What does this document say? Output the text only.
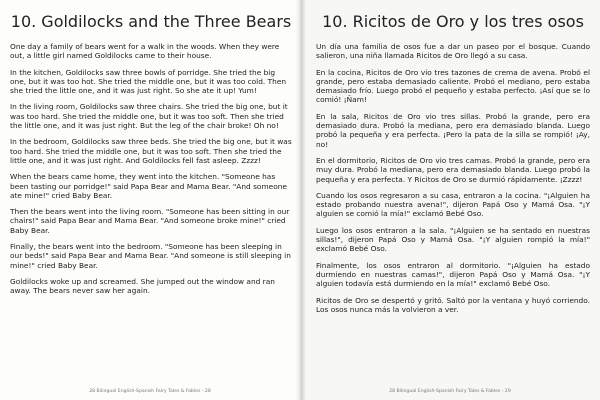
10. Goldilocks and the Three Bears

One day a family of bears went for a walk in the woods. When they were out, a little girl named Goldilocks came to their house.

In the kitchen, Goldilocks saw three bowls of porridge. She tried the big one, but it was too hot. She tried the middle one, but it was too cold. Then she tried the little one, and it was just right. So she ate it up! Yum!

In the living room, Goldilocks saw three chairs. She tried the big one, but it was too hard. She tried the middle one, but it was too soft. Then she tried the little one, and it was just right. But the leg of the chair broke! Oh no!

In the bedroom, Goldilocks saw three beds. She tried the big one, but it was too hard. She tried the middle one, but it was too soft. Then she tried the little one, and it was just right. And Goldilocks fell fast asleep. Zzzz!

When the bears came home, they went into the kitchen. "Someone has been tasting our porridge!" said Papa Bear and Mama Bear. "And someone ate mine!" cried Baby Bear.

Then the bears went into the living room. "Someone has been sitting in our chairs!" said Papa Bear and Mama Bear. "And someone broke mine!" cried Baby Bear.

Finally, the bears went into the bedroom. "Someone has been sleeping in our beds!" said Papa Bear and Mama Bear. "And someone is still sleeping in mine!" cried Baby Bear.

Goldilocks woke up and screamed. She jumped out the window and ran away. The bears never saw her again.

28 Bilingual English-Spanish Fairy Tales & Fables - 28
10. Ricitos de Oro y los tres osos

Un día una familia de osos fue a dar un paseo por el bosque. Cuando salieron, una niña llamada Ricitos de Oro llegó a su casa.

En la cocina, Ricitos de Oro vio tres tazones de crema de avena. Probó el grande, pero estaba demasiado caliente. Probó el mediano, pero estaba demasiado frío. Luego probó el pequeño y estaba perfecto. ¡Así que se lo comió! ¡Ñam!

En la sala, Ricitos de Oro vio tres sillas. Probó la grande, pero era demasiado dura. Probó la mediana, pero era demasiado blanda. Luego probó la pequeña y era perfecta. ¡Pero la pata de la silla se rompió! ¡Ay, no!

En el dormitorio, Ricitos de Oro vio tres camas. Probó la grande, pero era muy dura. Probó la mediana, pero era demasiado blanda. Luego probó la pequeña y era perfecta. Y Ricitos de Oro se durmió rápidamente. ¡Zzzz!

Cuando los osos regresaron a su casa, entraron a la cocina. "¡Alguien ha estado probando nuestra avena!", dijeron Papá Oso y Mamá Osa. "¡Y alguien se comió la mía!" exclamó Bebé Oso.

Luego los osos entraron a la sala. "¡Alguien se ha sentado en nuestras sillas!", dijeron Papá Oso y Mamá Osa. "¡Y alguien rompió la mía!" exclamó Bebé Oso.

Finalmente, los osos entraron al dormitorio. "¡Alguien ha estado durmiendo en nuestras camas!", dijeron Papá Oso y Mamá Osa. "¡Y alguien todavía está durmiendo en la mía!" exclamó Bebé Oso.

Ricitos de Oro se despertó y gritó. Saltó por la ventana y huyó corriendo. Los osos nunca más la volvieron a ver.

28 Bilingual English-Spanish Fairy Tales & Fables - 29
